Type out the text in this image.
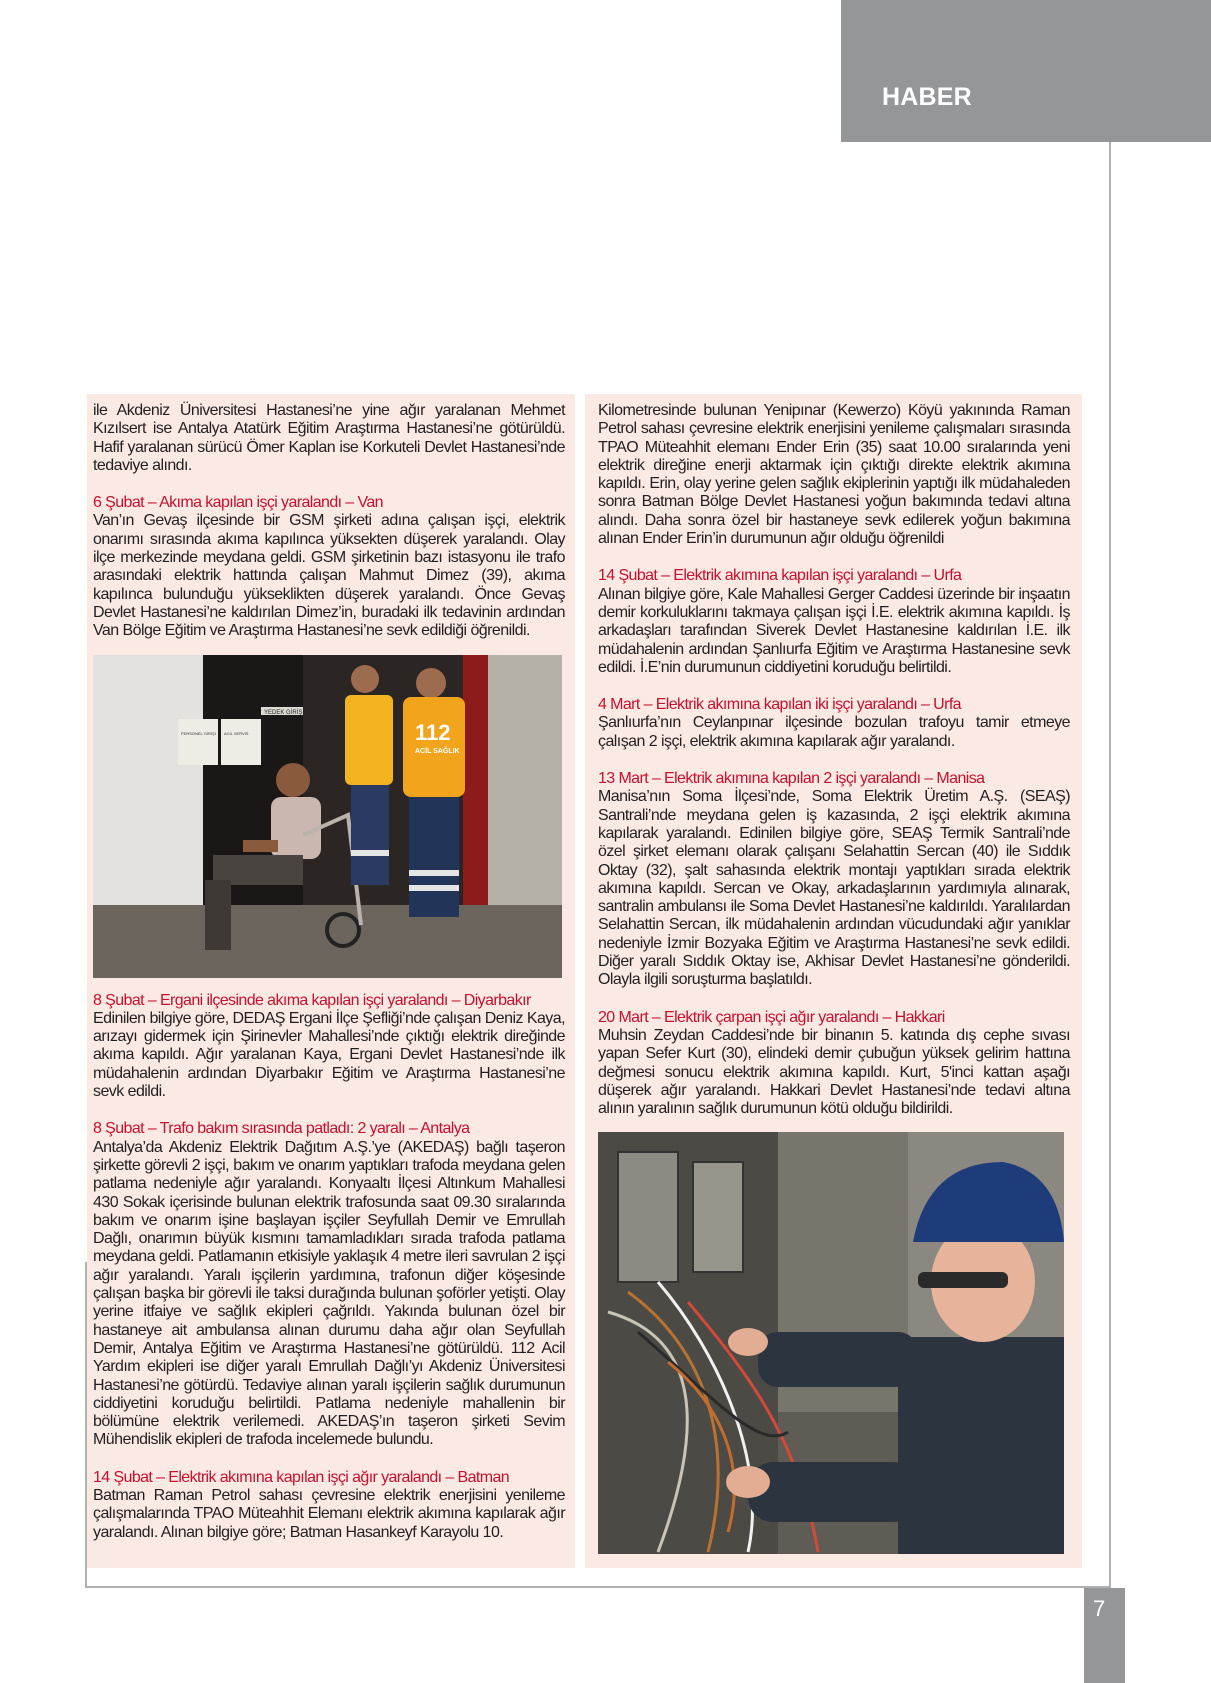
HABER
7

ile Akdeniz Üniversitesi Hastanesi’ne yine ağır yaralanan Mehmet Kızılsert ise Antalya Atatürk Eğitim Araştırma Hastanesi’ne götürüldü. Hafif yaralanan sürücü Ömer Kaplan ise Korkuteli Devlet Hastanesi’nde tedaviye alındı.

6 Şubat – Akıma kapılan işçi yaralandı – Van

Van’ın Gevaş ilçesinde bir GSM şirketi adına çalışan işçi, elektrik onarımı sırasında akıma kapılınca yüksekten düşerek yaralandı. Olay ilçe merkezinde meydana geldi. GSM şirketinin bazı istasyonu ile trafo arasındaki elektrik hattında çalışan Mahmut Dimez (39), akıma kapılınca bulunduğu yükseklikten düşerek yaralandı. Önce Gevaş Devlet Hastanesi’ne kaldırılan Dimez’in, buradaki ilk tedavinin ardından Van Bölge Eğitim ve Araştırma Hastanesi’ne sevk edildiği öğrenildi.

YEDEK GİRİŞİ
PERSONEL GİRİŞİ ACİL SERVİS	112
ACİL SAĞLIK

8 Şubat – Ergani ilçesinde akıma kapılan işçi yaralandı – Diyarbakır

Edinilen bilgiye göre, DEDAŞ Ergani İlçe Şefliği’nde çalışan Deniz Kaya, arızayı gidermek için Şirinevler Mahallesi’nde çıktığı elektrik direğinde akıma kapıldı. Ağır yaralanan Kaya, Ergani Devlet Hastanesi’nde ilk müdahalenin ardından Diyarbakır Eğitim ve Araştırma Hastanesi’ne sevk edildi.

8 Şubat – Trafo bakım sırasında patladı: 2 yaralı – Antalya

Antalya’da Akdeniz Elektrik Dağıtım A.Ş.’ye (AKEDAŞ) bağlı taşeron şirkette görevli 2 işçi, bakım ve onarım yaptıkları trafoda meydana gelen patlama nedeniyle ağır yaralandı. Konyaaltı İlçesi Altınkum Mahallesi 430 Sokak içerisinde bulunan elektrik trafosunda saat 09.30 sıralarında bakım ve onarım işine başlayan işçiler Seyfullah Demir ve Emrullah Dağlı, onarımın büyük kısmını tamamladıkları sırada trafoda patlama meydana geldi. Patlamanın etkisiyle yaklaşık 4 metre ileri savrulan 2 işçi ağır yaralandı. Yaralı işçilerin yardımına, trafonun diğer köşesinde çalışan başka bir görevli ile taksi durağında bulunan şoförler yetişti. Olay yerine itfaiye ve sağlık ekipleri çağrıldı. Yakında bulunan özel bir hastaneye ait ambulansa alınan durumu daha ağır olan Seyfullah Demir, Antalya Eğitim ve Araştırma Hastanesi’ne götürüldü. 112 Acil Yardım ekipleri ise diğer yaralı Emrullah Dağlı’yı Akdeniz Üniversitesi Hastanesi’ne götürdü. Tedaviye alınan yaralı işçilerin sağlık durumunun ciddiyetini koruduğu belirtildi. Patlama nedeniyle mahallenin bir bölümüne elektrik verilemedi. AKEDAŞ’ın taşeron şirketi Sevim Mühendislik ekipleri de trafoda incelemede bulundu.

14 Şubat – Elektrik akımına kapılan işçi ağır yaralandı – Batman

Batman Raman Petrol sahası çevresine elektrik enerjisini yenileme çalışmalarında TPAO Müteahhit Elemanı elektrik akımına kapılarak ağır yaralandı. Alınan bilgiye göre; Batman Hasankeyf Karayolu 10.

Kilometresinde bulunan Yenipınar (Kewerzo) Köyü yakınında Raman Petrol sahası çevresine elektrik enerjisini yenileme çalışmaları sırasında TPAO Müteahhit elemanı Ender Erin (35) saat 10.00 sıralarında yeni elektrik direğine enerji aktarmak için çıktığı direkte elektrik akımına kapıldı. Erin, olay yerine gelen sağlık ekiplerinin yaptığı ilk müdahaleden sonra Batman Bölge Devlet Hastanesi yoğun bakımında tedavi altına alındı. Daha sonra özel bir hastaneye sevk edilerek yoğun bakımına alınan Ender Erin’in durumunun ağır olduğu öğrenildi

14 Şubat – Elektrik akımına kapılan işçi yaralandı – Urfa

Alınan bilgiye göre, Kale Mahallesi Gerger Caddesi üzerinde bir inşaatın demir korkuluklarını takmaya çalışan işçi İ.E. elektrik akımına kapıldı. İş arkadaşları tarafından Siverek Devlet Hastanesine kaldırılan İ.E. ilk müdahalenin ardından Şanlıurfa Eğitim ve Araştırma Hastanesine sevk edildi. İ.E’nin durumunun ciddiyetini koruduğu belirtildi.

4 Mart – Elektrik akımına kapılan iki işçi yaralandı – Urfa

Şanlıurfa’nın Ceylanpınar ilçesinde bozulan trafoyu tamir etmeye çalışan 2 işçi, elektrik akımına kapılarak ağır yaralandı.

13 Mart – Elektrik akımına kapılan 2 işçi yaralandı – Manisa

Manisa’nın Soma İlçesi’nde, Soma Elektrik Üretim A.Ş. (SEAŞ) Santrali’nde meydana gelen iş kazasında, 2 işçi elektrik akımına kapılarak yaralandı. Edinilen bilgiye göre, SEAŞ Termik Santrali’nde özel şirket elemanı olarak çalışanı Selahattin Sercan (40) ile Sıddık Oktay (32), şalt sahasında elektrik montajı yaptıkları sırada elektrik akımına kapıldı. Sercan ve Okay, arkadaşlarının yardımıyla alınarak, santralin ambulansı ile Soma Devlet Hastanesi’ne kaldırıldı. Yaralılardan Selahattin Sercan, ilk müdahalenin ardından vücudundaki ağır yanıklar nedeniyle İzmir Bozyaka Eğitim ve Araştırma Hastanesi’ne sevk edildi. Diğer yaralı Sıddık Oktay ise, Akhisar Devlet Hastanesi’ne gönderildi. Olayla ilgili soruşturma başlatıldı.

20 Mart – Elektrik çarpan işçi ağır yaralandı – Hakkari

Muhsin Zeydan Caddesi’nde bir binanın 5. katında dış cephe sıvası yapan Sefer Kurt (30), elindeki demir çubuğun yüksek gelirim hattına değmesi sonucu elektrik akımına kapıldı. Kurt, 5'inci kattan aşağı düşerek ağır yaralandı. Hakkari Devlet Hastanesi’nde tedavi altına alının yaralının sağlık durumunun kötü olduğu bildirildi.
